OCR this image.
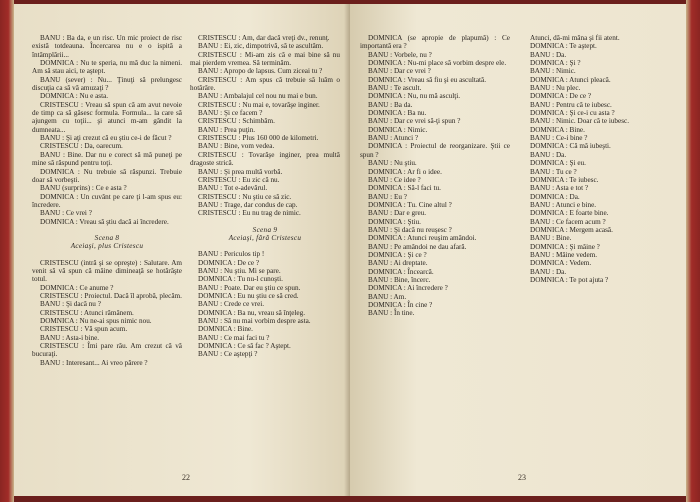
BANU : Ba da, e un risc. Un mic proiect de risc există totdeauna. Încercarea nu e o ispită a întâmplării...

DOMNICA : Nu te speria, nu mă duc la nimeni. Am să stau aici, te aştept.

BANU (sever) : Nu... Ţinuţi să prelungesc discuţia ca să vă amuzaţi ?

DOMNICA : Nu e asta.

CRISTESCU : Vreau să spun că am avut nevoie de timp ca să găsesc formula. Formula... la care să ajungem cu toţii... şi atunci m-am gândit la dumneata...

BANU : Şi aţi crezut că eu ştiu ce-i de făcut ?

CRISTESCU : Da, oarecum.

BANU : Bine. Dar nu e corect să mă puneţi pe mine să răspund pentru toţi.

DOMNICA : Nu trebuie să răspunzi. Trebuie doar să vorbeşti.

BANU (surprins) : Ce e asta ?

DOMNICA : Un cuvânt pe care ţi l-am spus eu: încredere.

BANU : Ce vrei ?

DOMNICA : Vreau să ştiu dacă ai încredere.

Scena 8

Aceiaşi, plus Cristescu

CRISTESCU (intră şi se opreşte) : Salutare. Am venit să vă spun că mâine dimineaţă se hotărăşte totul.

DOMNICA : Ce anume ?

CRISTESCU : Proiectul. Dacă îl aprobă, plecăm.

BANU : Şi dacă nu ?

CRISTESCU : Atunci rămânem.

DOMNICA : Nu ne-ai spus nimic nou.

CRISTESCU : Vă spun acum.

BANU : Asta-i bine.

CRISTESCU : Îmi pare rău. Am crezut că vă bucuraţi.

BANU : Interesant... Ai vreo părere ?

CRISTESCU : Am, dar dacă vreţi dv., renunţ.

BANU : Ei, zic, dimpotrivă, să te ascultăm.

CRISTESCU : Mi-am zis că e mai bine să nu mai pierdem vremea. Să terminăm.

BANU : Apropo de lapsus. Cum ziceai tu ?

CRISTESCU : Am spus că trebuie să luăm o hotărâre.

BANU : Ambalajul cel nou nu mai e bun.

CRISTESCU : Nu mai e, tovarăşe inginer.

BANU : Şi ce facem ?

CRISTESCU : Schimbăm.

BANU : Prea puţin.

CRISTESCU : Plus 160 000 de kilometri.

BANU : Bine, vom vedea.

CRISTESCU : Tovarăşe inginer, prea multă dragoste strică.

BANU : Şi prea multă vorbă.

CRISTESCU : Eu zic că nu.

BANU : Tot e-adevărul.

CRISTESCU : Nu ştiu ce să zic.

BANU : Trage, dar condus de cap.

CRISTESCU : Eu nu trag de nimic.

Scena 9

Aceiaşi, fără Cristescu

BANU : Periculos tip !

DOMNICA : De ce ?

BANU : Nu ştiu. Mi se pare.

DOMNICA : Tu nu-l cunoşti.

BANU : Poate. Dar eu ştiu ce spun.

DOMNICA : Eu nu ştiu ce să cred.

BANU : Crede ce vrei.

DOMNICA : Ba nu, vreau să înţeleg.

BANU : Să nu mai vorbim despre asta.

DOMNICA : Bine.

BANU : Ce mai faci tu ?

DOMNICA : Ce să fac ? Aştept.

BANU : Ce aştepţi ?

22

DOMNICA (se apropie de plapumă) : Ce importantă era ?

BANU : Vorbele, nu ?

DOMNICA : Nu-mi place să vorbim despre ele.

BANU : Dar ce vrei ?

DOMNICA : Vreau să fiu şi eu ascultată.

BANU : Te ascult.

DOMNICA : Nu, nu mă asculţi.

BANU : Ba da.

DOMNICA : Ba nu.

BANU : Dar ce vrei să-ţi spun ?

DOMNICA : Nimic.

BANU : Atunci ?

DOMNICA : Proiectul de reorganizare. Ştii ce spun ?

BANU : Nu ştiu.

DOMNICA : Ar fi o idee.

BANU : Ce idee ?

DOMNICA : Să-l faci tu.

BANU : Eu ?

DOMNICA : Tu. Cine altul ?

BANU : Dar e greu.

DOMNICA : Ştiu.

BANU : Şi dacă nu reuşesc ?

DOMNICA : Atunci reuşim amândoi.

BANU : Pe amândoi ne dau afară.

DOMNICA : Şi ce ?

BANU : Ai dreptate.

DOMNICA : Încearcă.

BANU : Bine, încerc.

DOMNICA : Ai încredere ?

BANU : Am.

DOMNICA : În cine ?

BANU : În tine.

Atunci, dă-mi mâna şi fii atent.

DOMNICA : Te aştept.

BANU : Da.

DOMNICA : Şi ?

BANU : Nimic.

DOMNICA : Atunci pleacă.

BANU : Nu plec.

DOMNICA : De ce ?

BANU : Pentru că te iubesc.

DOMNICA : Şi ce-i cu asta ?

BANU : Nimic. Doar că te iubesc.

DOMNICA : Bine.

BANU : Ce-i bine ?

DOMNICA : Că mă iubeşti.

BANU : Da.

DOMNICA : Şi eu.

BANU : Tu ce ?

DOMNICA : Te iubesc.

BANU : Asta e tot ?

DOMNICA : Da.

BANU : Atunci e bine.

DOMNICA : E foarte bine.

BANU : Ce facem acum ?

DOMNICA : Mergem acasă.

BANU : Bine.

DOMNICA : Şi mâine ?

BANU : Mâine vedem.

DOMNICA : Vedem.

BANU : Da.

DOMNICA : Te pot ajuta ?

23
